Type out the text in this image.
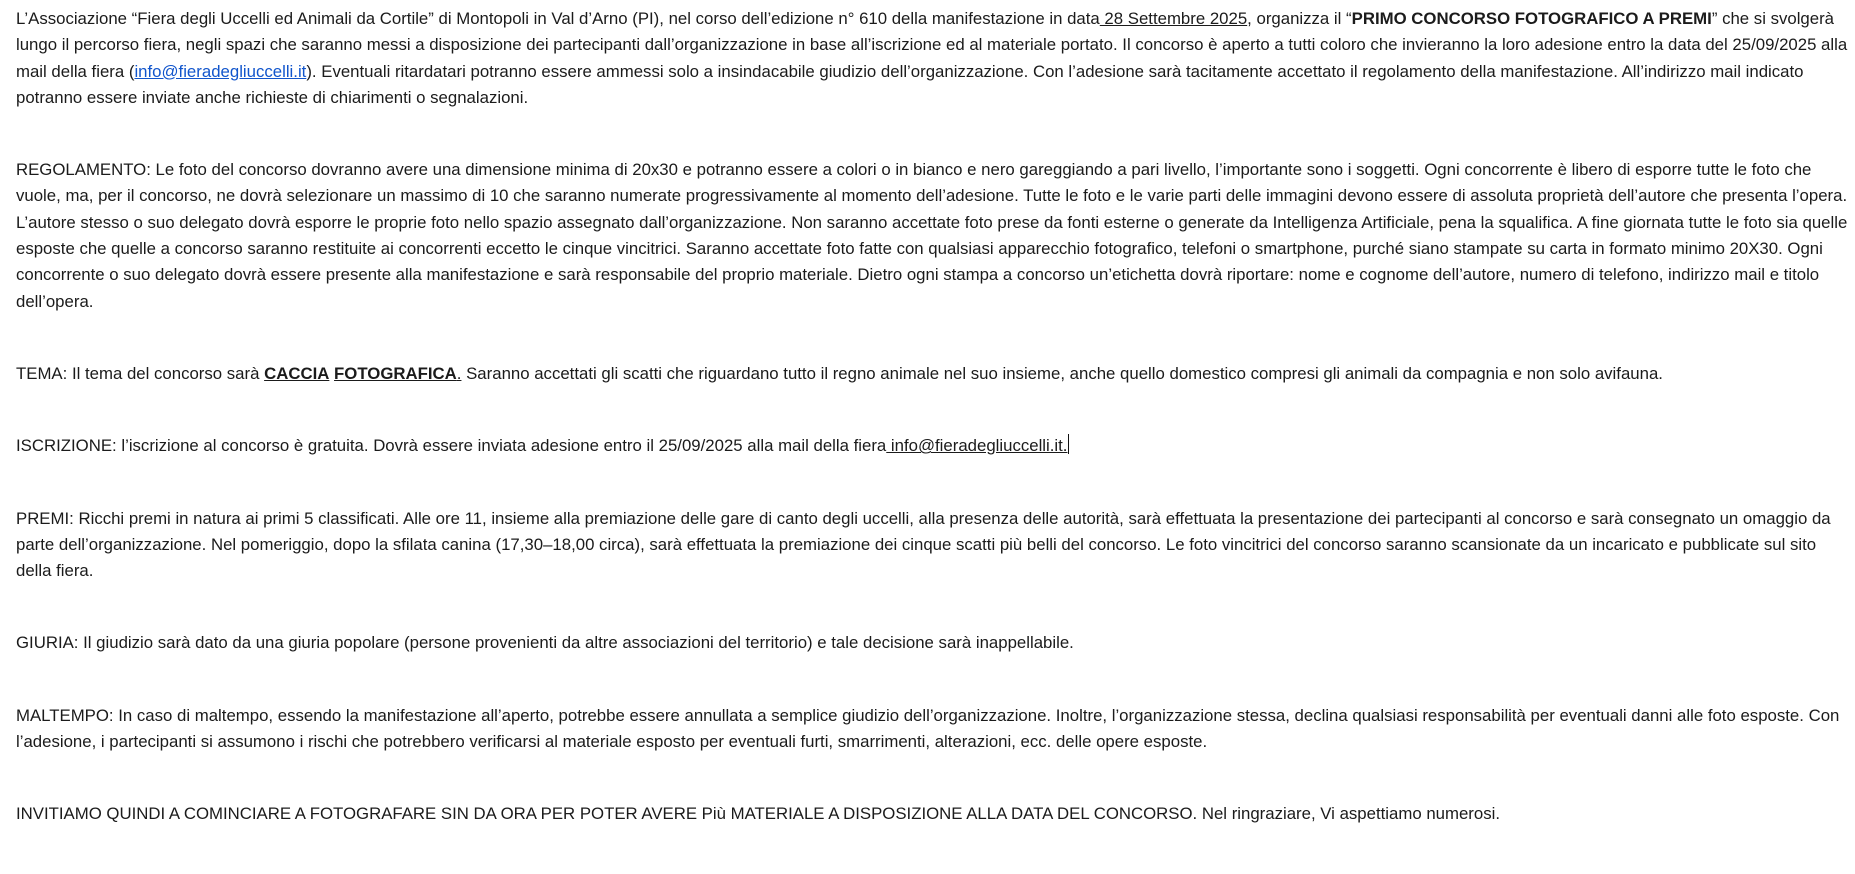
L’Associazione “Fiera degli Uccelli ed Animali da Cortile” di Montopoli in Val d’Arno (PI), nel corso dell’edizione n° 610 della manifestazione in data 28 Settembre 2025, organizza il “PRIMO CONCORSO FOTOGRAFICO A PREMI” che si svolgerà lungo il percorso fiera, negli spazi che saranno messi a disposizione dei partecipanti dall’organizzazione in base all’iscrizione ed al materiale portato. Il concorso è aperto a tutti coloro che invieranno la loro adesione entro la data del 25/09/2025 alla mail della fiera (info@fieradegliuccelli.it). Eventuali ritardatari potranno essere ammessi solo a insindacabile giudizio dell’organizzazione. Con l’adesione sarà tacitamente accettato il regolamento della manifestazione. All’indirizzo mail indicato potranno essere inviate anche richieste di chiarimenti o segnalazioni.

REGOLAMENTO: Le foto del concorso dovranno avere una dimensione minima di 20x30 e potranno essere a colori o in bianco e nero gareggiando a pari livello, l’importante sono i soggetti. Ogni concorrente è libero di esporre tutte le foto che vuole, ma, per il concorso, ne dovrà selezionare un massimo di 10 che saranno numerate progressivamente al momento dell’adesione. Tutte le foto e le varie parti delle immagini devono essere di assoluta proprietà dell’autore che presenta l’opera. L’autore stesso o suo delegato dovrà esporre le proprie foto nello spazio assegnato dall’organizzazione. Non saranno accettate foto prese da fonti esterne o generate da Intelligenza Artificiale, pena la squalifica. A fine giornata tutte le foto sia quelle esposte che quelle a concorso saranno restituite ai concorrenti eccetto le cinque vincitrici. Saranno accettate foto fatte con qualsiasi apparecchio fotografico, telefoni o smartphone, purché siano stampate su carta in formato minimo 20X30. Ogni concorrente o suo delegato dovrà essere presente alla manifestazione e sarà responsabile del proprio materiale. Dietro ogni stampa a concorso un’etichetta dovrà riportare: nome e cognome dell’autore, numero di telefono, indirizzo mail e titolo dell’opera.

TEMA: Il tema del concorso sarà CACCIA FOTOGRAFICA. Saranno accettati gli scatti che riguardano tutto il regno animale nel suo insieme, anche quello domestico compresi gli animali da compagnia e non solo avifauna.

ISCRIZIONE: l’iscrizione al concorso è gratuita. Dovrà essere inviata adesione entro il 25/09/2025 alla mail della fiera info@fieradegliuccelli.it.

PREMI: Ricchi premi in natura ai primi 5 classificati. Alle ore 11, insieme alla premiazione delle gare di canto degli uccelli, alla presenza delle autorità, sarà effettuata la presentazione dei partecipanti al concorso e sarà consegnato un omaggio da parte dell’organizzazione. Nel pomeriggio, dopo la sfilata canina (17,30–18,00 circa), sarà effettuata la premiazione dei cinque scatti più belli del concorso. Le foto vincitrici del concorso saranno scansionate da un incaricato e pubblicate sul sito della fiera.

GIURIA: Il giudizio sarà dato da una giuria popolare (persone provenienti da altre associazioni del territorio) e tale decisione sarà inappellabile.

MALTEMPO: In caso di maltempo, essendo la manifestazione all’aperto, potrebbe essere annullata a semplice giudizio dell’organizzazione. Inoltre, l’organizzazione stessa, declina qualsiasi responsabilità per eventuali danni alle foto esposte. Con l’adesione, i partecipanti si assumono i rischi che potrebbero verificarsi al materiale esposto per eventuali furti, smarrimenti, alterazioni, ecc. delle opere esposte.

INVITIAMO QUINDI A COMINCIARE A FOTOGRAFARE SIN DA ORA PER POTER AVERE Più MATERIALE A DISPOSIZIONE ALLA DATA DEL CONCORSO. Nel ringraziare, Vi aspettiamo numerosi.
